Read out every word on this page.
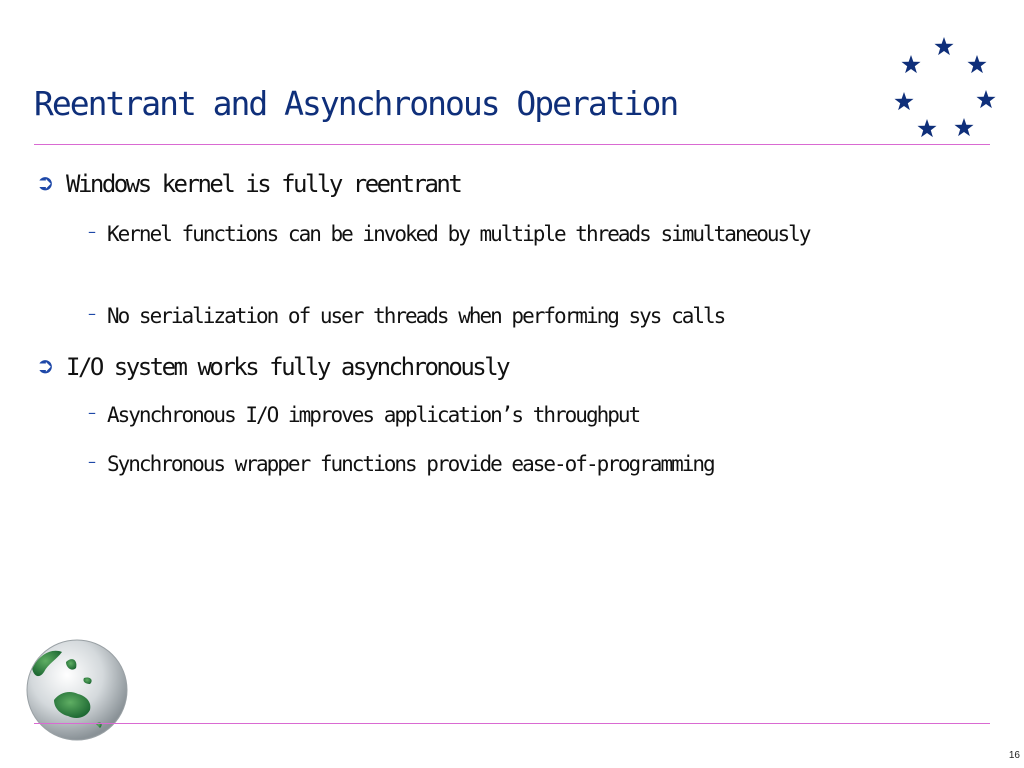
Reentrant and Asynchronous Operation
➲ Windows kernel is fully reentrant

– Kernel functions can be invoked by multiple threads simultaneously

– No serialization of user threads when performing sys calls

➲ I/O system works fully asynchronously

– Asynchronous I/O improves application’s throughput

– Synchronous wrapper functions provide ease-of-programming

16
